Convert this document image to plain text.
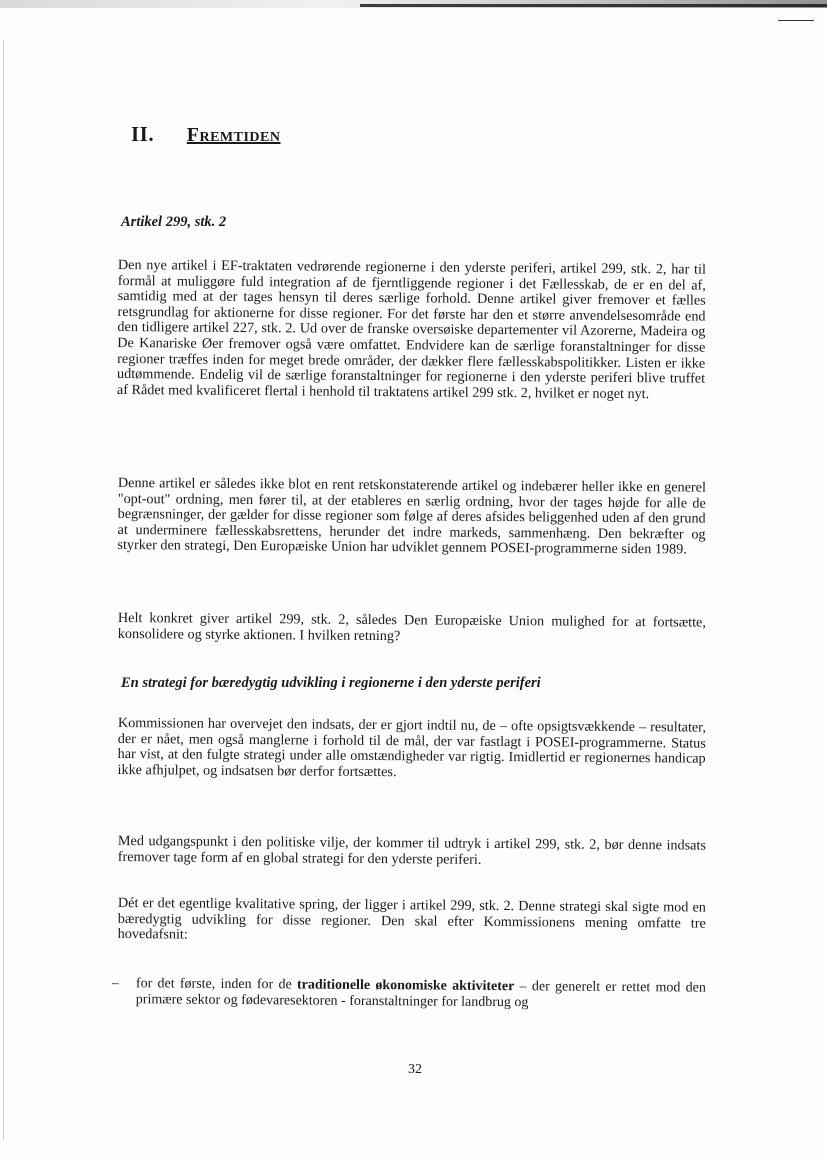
II. Fremtiden
Artikel 299, stk. 2
Den nye artikel i EF-traktaten vedrørende regionerne i den yderste periferi, artikel 299, stk. 2, har til formål at muliggøre fuld integration af de fjerntliggende regioner i det Fællesskab, de er en del af, samtidig med at der tages hensyn til deres særlige forhold. Denne artikel giver fremover et fælles retsgrundlag for aktionerne for disse regioner. For det første har den et større anvendelsesområde end den tidligere artikel 227, stk. 2. Ud over de franske oversøiske departementer vil Azorerne, Madeira og De Kanariske Øer fremover også være omfattet. Endvidere kan de særlige foranstaltninger for disse regioner træffes inden for meget brede områder, der dækker flere fællesskabspolitikker. Listen er ikke udtømmende. Endelig vil de særlige foranstaltninger for regionerne i den yderste periferi blive truffet af Rådet med kvalificeret flertal i henhold til traktatens artikel 299 stk. 2, hvilket er noget nyt.
Denne artikel er således ikke blot en rent retskonstaterende artikel og indebærer heller ikke en generel "opt-out" ordning, men fører til, at der etableres en særlig ordning, hvor der tages højde for alle de begrænsninger, der gælder for disse regioner som følge af deres afsides beliggenhed uden af den grund at underminere fællesskabsrettens, herunder det indre markeds, sammenhæng. Den bekræfter og styrker den strategi, Den Europæiske Union har udviklet gennem POSEI-programmerne siden 1989.
Helt konkret giver artikel 299, stk. 2, således Den Europæiske Union mulighed for at fortsætte, konsolidere og styrke aktionen. I hvilken retning?
En strategi for bæredygtig udvikling i regionerne i den yderste periferi
Kommissionen har overvejet den indsats, der er gjort indtil nu, de – ofte opsigtsvækkende – resultater, der er nået, men også manglerne i forhold til de mål, der var fastlagt i POSEI-programmerne. Status har vist, at den fulgte strategi under alle omstændigheder var rigtig. Imidlertid er regionernes handicap ikke afhjulpet, og indsatsen bør derfor fortsættes.
Med udgangspunkt i den politiske vilje, der kommer til udtryk i artikel 299, stk. 2, bør denne indsats fremover tage form af en global strategi for den yderste periferi.
Dét er det egentlige kvalitative spring, der ligger i artikel 299, stk. 2. Denne strategi skal sigte mod en bæredygtig udvikling for disse regioner. Den skal efter Kommissionens mening omfatte tre hovedafsnit:
–	for det første, inden for de traditionelle økonomiske aktiviteter – der generelt er rettet mod den primære sektor og fødevaresektoren - foranstaltninger for landbrug og
32
